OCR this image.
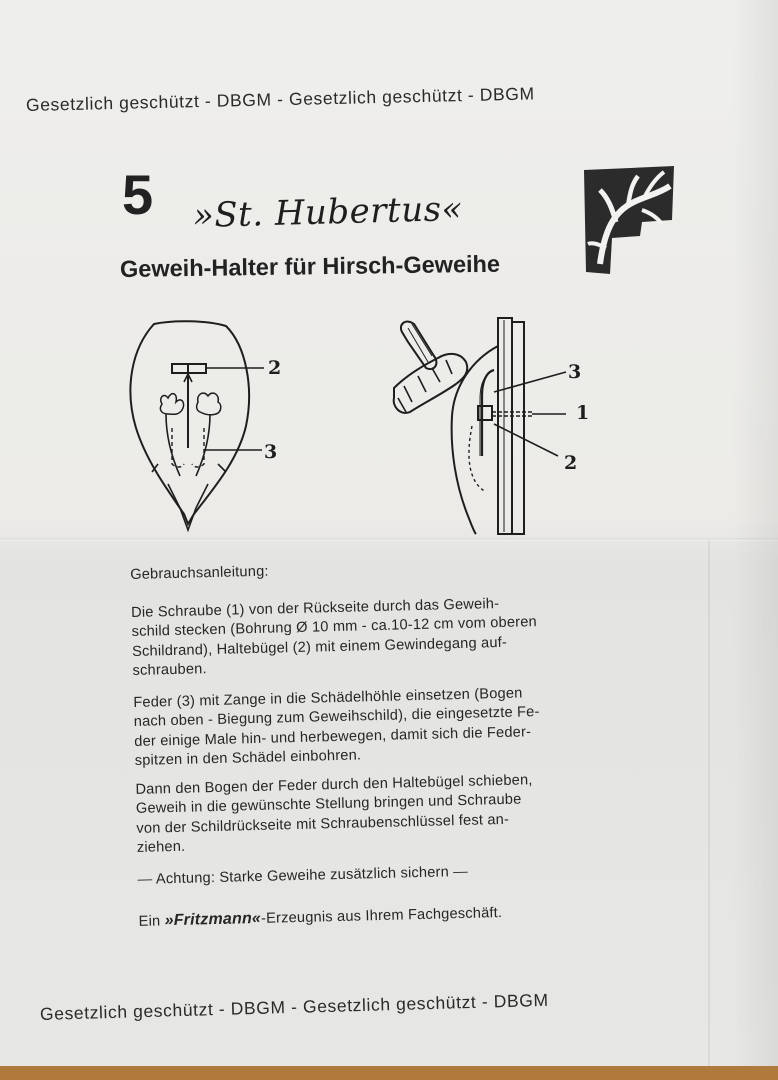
Gesetzlich geschützt - DBGM - Gesetzlich geschützt - DBGM
5 »St. Hubertus«
Geweih-Halter für Hirsch-Geweihe
2
3
3
1
2

Gebrauchsanleitung:

Die Schraube (1) von der Rückseite durch das Geweih-
schild stecken (Bohrung Ø 10 mm - ca.10-12 cm vom oberen
Schildrand), Haltebügel (2) mit einem Gewindegang auf-
schrauben.

Feder (3) mit Zange in die Schädelhöhle einsetzen (Bogen
nach oben - Biegung zum Geweihschild), die eingesetzte Fe-
der einige Male hin- und herbewegen, damit sich die Feder-
spitzen in den Schädel einbohren.

Dann den Bogen der Feder durch den Haltebügel schieben,
Geweih in die gewünschte Stellung bringen und Schraube
von der Schildrückseite mit Schraubenschlüssel fest an-
ziehen.

— Achtung: Starke Geweihe zusätzlich sichern —

Ein »Fritzmann«-Erzeugnis aus Ihrem Fachgeschäft.

Gesetzlich geschützt - DBGM - Gesetzlich geschützt - DBGM
